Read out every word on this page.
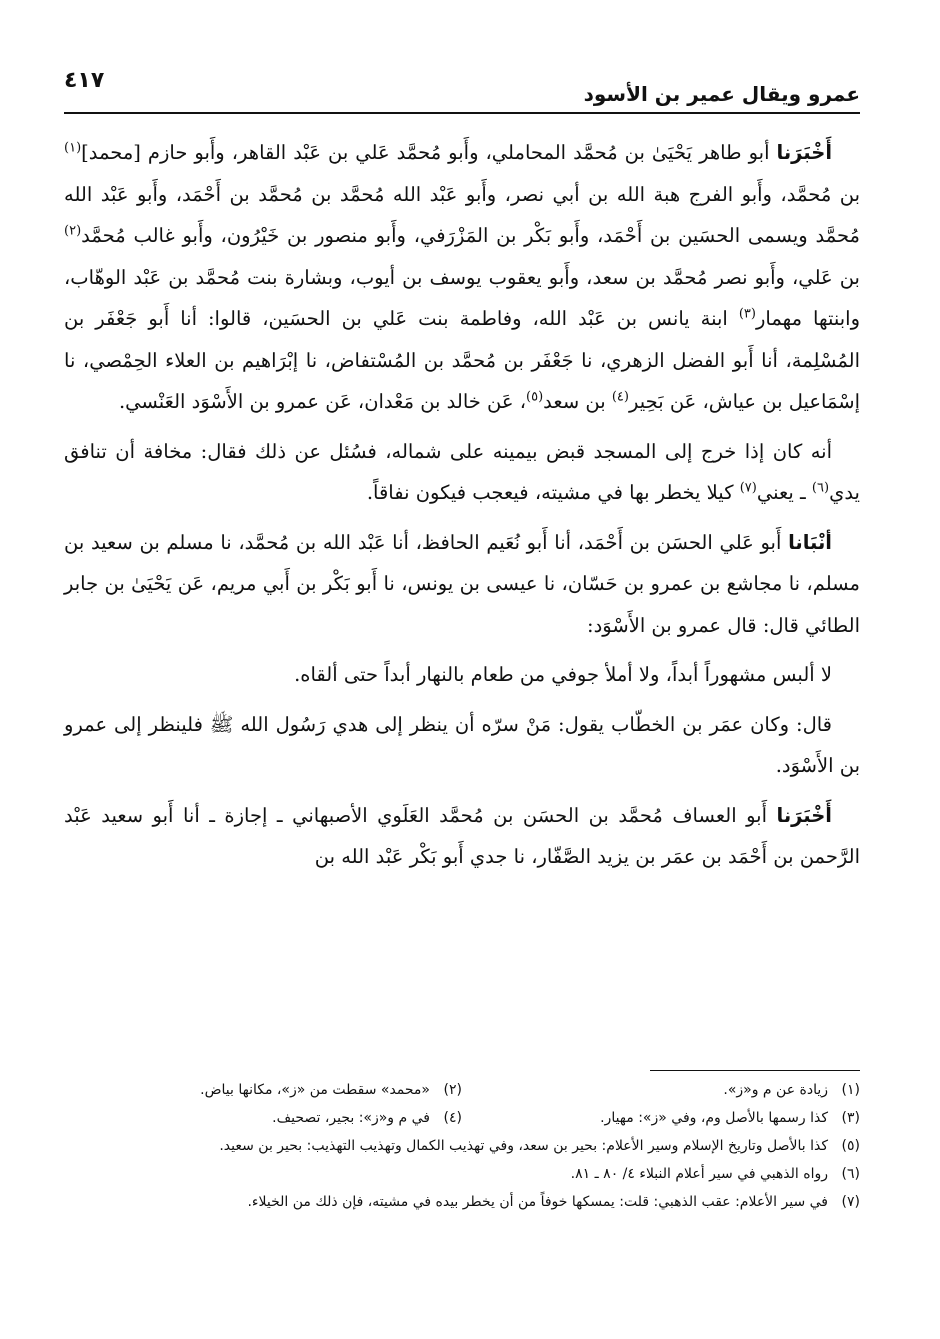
عمرو ويقال عمير بن الأسود
٤١٧

أَخْبَرَنا أبو طاهر يَحْيَىٰ بن مُحمَّد المحاملي، وأَبو مُحمَّد عَلي بن عَبْد القاهر، وأَبو حازم [محمد]$^{(١)}$ بن مُحمَّد، وأَبو الفرج هبة الله بن أبي نصر، وأَبو عَبْد الله مُحمَّد بن مُحمَّد بن أَحْمَد، وأَبو عَبْد الله مُحمَّد ويسمى الحسَين بن أَحْمَد، وأَبو بَكْر بن المَزْرَفي، وأَبو منصور بن خَيْرُون، وأَبو غالب مُحمَّد$^{(٢)}$ بن عَلي، وأَبو نصر مُحمَّد بن سعد، وأَبو يعقوب يوسف بن أيوب، وبشارة بنت مُحمَّد بن عَبْد الوهّاب، وابنتها مهمار$^{(٣)}$ ابنة يانس بن عَبْد الله، وفاطمة بنت عَلي بن الحسَين، قالوا: أنا أَبو جَعْفَر بن المُسْلِمة، أنا أَبو الفضل الزهري، نا جَعْفَر بن مُحمَّد بن المُسْتفاض، نا إبْرَاهيم بن العلاء الحِمْصي، نا إسْمَاعيل بن عياش، عَن بَحِير$^{(٤)}$ بن سعد$^{(٥)}$، عَن خالد بن مَعْدان، عَن عمرو بن الأَسْوَد العَنْسي.

أنه كان إذا خرج إلى المسجد قبض بيمينه على شماله، فسُئل عن ذلك فقال: مخافة أن تنافق يدي$^{(٦)}$ ـ يعني$^{(٧)}$ كيلا يخطر بها في مشيته، فيعجب فيكون نفاقاً.

أنْبَانا أَبو عَلي الحسَن بن أَحْمَد، أنا أَبو نُعَيم الحافظ، أنا عَبْد الله بن مُحمَّد، نا مسلم بن سعيد بن مسلم، نا مجاشع بن عمرو بن حَسّان، نا عيسى بن يونس، نا أَبو بَكْر بن أَبي مريم، عَن يَحْيَىٰ بن جابر الطائي قال: قال عمرو بن الأَسْوَد:

لا ألبس مشهوراً أبداً، ولا أملأ جوفي من طعام بالنهار أبداً حتى ألقاه.

قال: وكان عمَر بن الخطّاب يقول: مَنْ سرّه أن ينظر إلى هدي رَسُول الله ﷺ فلينظر إلى عمرو بن الأَسْوَد.

أَخْبَرَنا أَبو العساف مُحمَّد بن الحسَن بن مُحمَّد العَلَوي الأصبهاني ـ إجازة ـ أنا أَبو سعيد عَبْد الرَّحمن بن أَحْمَد بن عمَر بن يزيد الصَّفّار، نا جدي أَبو بَكْر عَبْد الله بن

(١)زيادة عن م و«ز».
(٢)«محمد» سقطت من «ز»، مكانها بياض.
(٣)كذا رسمها بالأصل وم، وفي «ز»: مهيار.
(٤)في م و«ز»: بجير، تصحيف.
(٥)كذا بالأصل وتاريخ الإسلام وسير الأعلام: بحير بن سعد، وفي تهذيب الكمال وتهذيب التهذيب: بحير بن سعيد.
(٦)رواه الذهبي في سير أعلام النبلاء ٤/ ٨٠ ـ ٨١.
(٧)في سير الأعلام: عقب الذهبي: قلت: يمسكها خوفاً من أن يخطر بيده في مشيته، فإن ذلك من الخيلاء.
